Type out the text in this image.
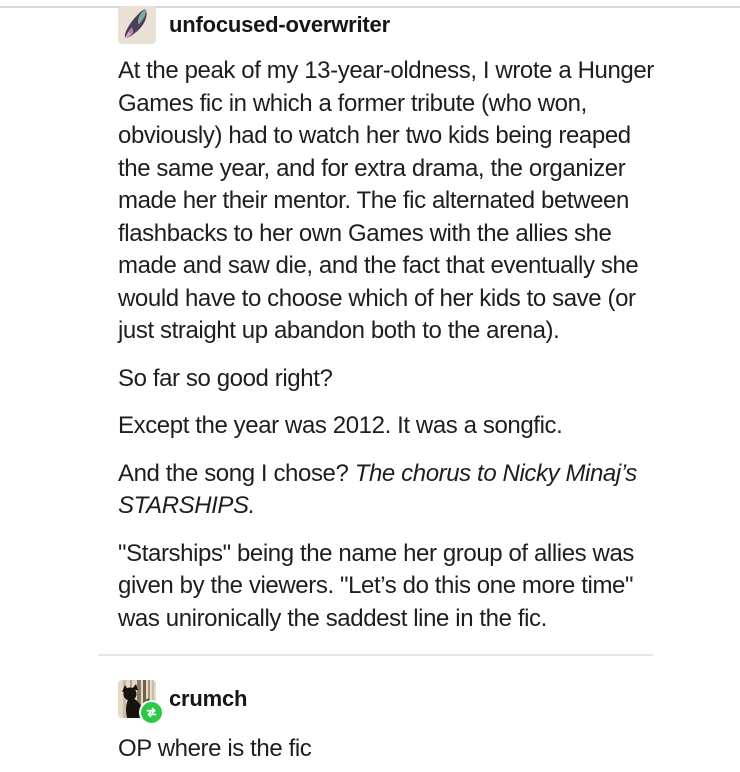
unfocused-overwriter
At the peak of my 13-year-oldness, I wrote a Hunger
Games fic in which a former tribute (who won,
obviously) had to watch her two kids being reaped
the same year, and for extra drama, the organizer
made her their mentor. The fic alternated between
flashbacks to her own Games with the allies she
made and saw die, and the fact that eventually she
would have to choose which of her kids to save (or
just straight up abandon both to the arena).
So far so good right?
Except the year was 2012. It was a songfic.
And the song I chose? The chorus to Nicky Minaj’s
STARSHIPS.
"Starships" being the name her group of allies was
given by the viewers. "Let’s do this one more time"
was unironically the saddest line in the fic.
crumch
OP where is the fic
